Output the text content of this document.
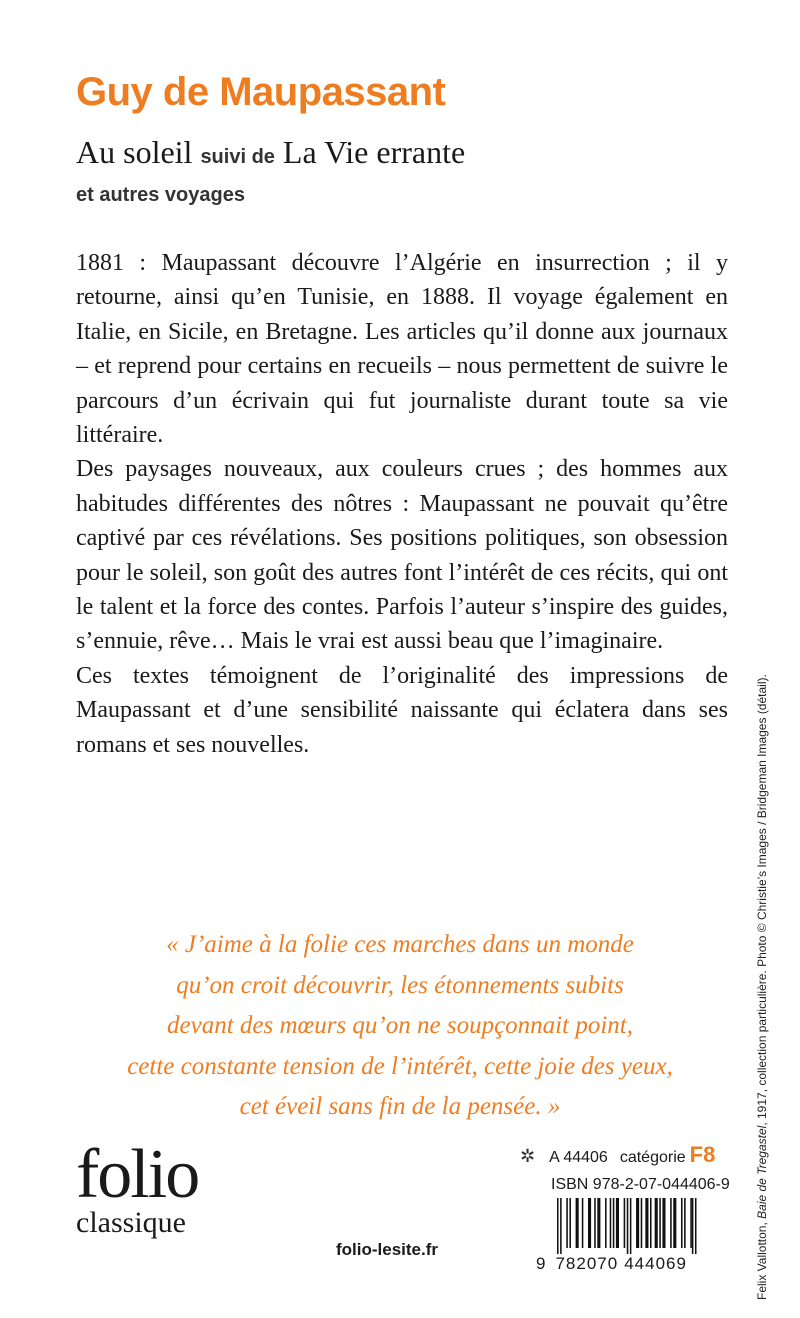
Guy de Maupassant
Au soleil suivi de La Vie errante
et autres voyages

1881 : Maupassant découvre l’Algérie en insurrection ; il y retourne, ainsi qu’en Tunisie, en 1888. Il voyage également en Italie, en Sicile, en Bretagne. Les articles qu’il donne aux journaux – et reprend pour certains en recueils – nous permettent de suivre le parcours d’un écrivain qui fut journaliste durant toute sa vie littéraire.

Des paysages nouveaux, aux couleurs crues ; des hommes aux habitudes différentes des nôtres : Maupassant ne pouvait qu’être captivé par ces révélations. Ses positions politiques, son obsession pour le soleil, son goût des autres font l’intérêt de ces récits, qui ont le talent et la force des contes. Parfois l’auteur s’inspire des guides, s’ennuie, rêve… Mais le vrai est aussi beau que l’imaginaire.

Ces textes témoignent de l’originalité des impressions de Maupassant et d’une sensibilité naissante qui éclatera dans ses romans et ses nouvelles.

« J’aime à la folie ces marches dans un monde
qu’on croit découvrir, les étonnements subits
devant des mœurs qu’on ne soupçonnait point,
cette constante tension de l’intérêt, cette joie des yeux,
cet éveil sans fin de la pensée. »
Felix Vallotton, Baie de Tregastel, 1917, collection particulière. Photo © Christie’s Images / Bridgeman Images (détail).
folio
classique
folio-lesite.fr
✲ A 44406 catégorie F8
ISBN 978-2-07-044406-9
9 782070 444069
